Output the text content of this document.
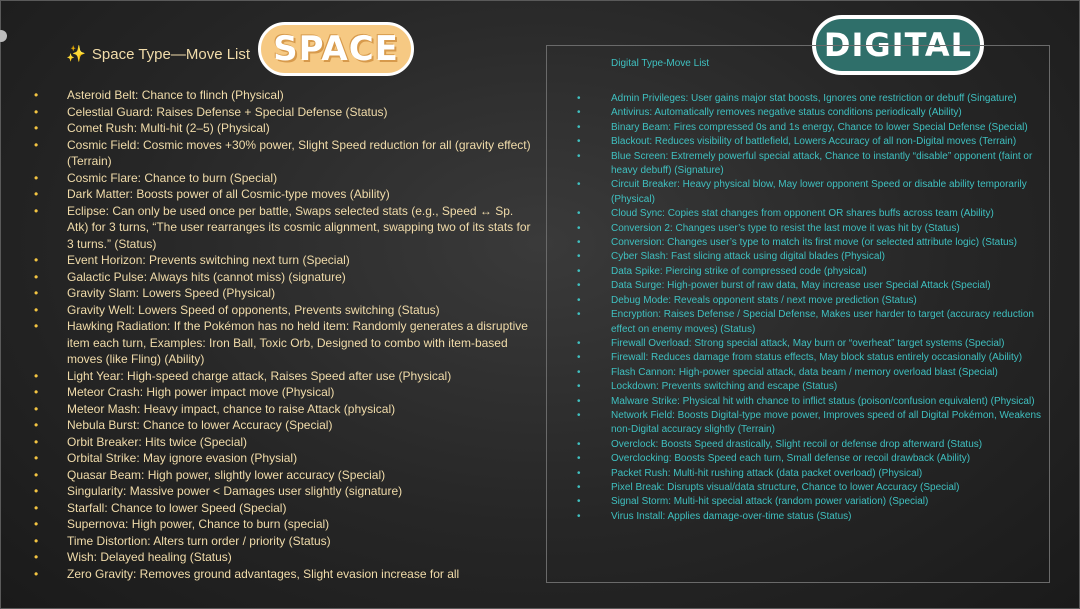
✨ Space Type—Move List SPACE
• Asteroid Belt: Chance to flinch (Physical)
• Celestial Guard: Raises Defense + Special Defense (Status)
• Comet Rush: Multi-hit (2–5) (Physical)
• Cosmic Field: Cosmic moves +30% power, Slight Speed reduction for all (gravity effect) (Terrain)
• Cosmic Flare: Chance to burn (Special)
• Dark Matter: Boosts power of all Cosmic-type moves (Ability)
• Eclipse: Can only be used once per battle, Swaps selected stats (e.g., Speed ↔ Sp. Atk) for 3 turns, “The user rearranges its cosmic alignment, swapping two of its stats for 3 turns.” (Status)
• Event Horizon: Prevents switching next turn (Special)
• Galactic Pulse: Always hits (cannot miss) (signature)
• Gravity Slam: Lowers Speed (Physical)
• Gravity Well: Lowers Speed of opponents, Prevents switching (Status)
• Hawking Radiation: If the Pokémon has no held item: Randomly generates a disruptive item each turn, Examples: Iron Ball, Toxic Orb, Designed to combo with item-based moves (like Fling) (Ability)
• Light Year: High-speed charge attack, Raises Speed after use (Physical)
• Meteor Crash: High power impact move (Physical)
• Meteor Mash: Heavy impact, chance to raise Attack (physical)
• Nebula Burst: Chance to lower Accuracy (Special)
• Orbit Breaker: Hits twice (Special)
• Orbital Strike: May ignore evasion (Physial)
• Quasar Beam: High power, slightly lower accuracy (Special)
• Singularity: Massive power < Damages user slightly (signature)
• Starfall: Chance to lower Speed (Special)
• Supernova: High power, Chance to burn (special)
• Time Distortion: Alters turn order / priority (Status)
• Wish: Delayed healing (Status)
• Zero Gravity: Removes ground advantages, Slight evasion increase for all
DIGITAL
Digital Type-Move List
• Admin Privileges: User gains major stat boosts, Ignores one restriction or debuff (Singature)
• Antivirus: Automatically removes negative status conditions periodically (Ability)
• Binary Beam: Fires compressed 0s and 1s energy, Chance to lower Special Defense (Special)
• Blackout: Reduces visibility of battlefield, Lowers Accuracy of all non-Digital moves (Terrain)
• Blue Screen: Extremely powerful special attack, Chance to instantly “disable” opponent (faint or heavy debuff) (Signature)
• Circuit Breaker: Heavy physical blow, May lower opponent Speed or disable ability temporarily (Physical)
• Cloud Sync: Copies stat changes from opponent OR shares buffs across team (Ability)
• Conversion 2: Changes user’s type to resist the last move it was hit by (Status)
• Conversion: Changes user’s type to match its first move (or selected attribute logic) (Status)
• Cyber Slash: Fast slicing attack using digital blades (Physical)
• Data Spike: Piercing strike of compressed code (physical)
• Data Surge: High-power burst of raw data, May increase user Special Attack (Special)
• Debug Mode: Reveals opponent stats / next move prediction (Status)
• Encryption: Raises Defense / Special Defense, Makes user harder to target (accuracy reduction effect on enemy moves) (Status)
• Firewall Overload: Strong special attack, May burn or “overheat” target systems (Special)
• Firewall: Reduces damage from status effects, May block status entirely occasionally (Ability)
• Flash Cannon: High-power special attack, data beam / memory overload blast (Special)
• Lockdown: Prevents switching and escape (Status)
• Malware Strike: Physical hit with chance to inflict status (poison/confusion equivalent) (Physical)
• Network Field: Boosts Digital-type move power, Improves speed of all Digital Pokémon, Weakens non-Digital accuracy slightly (Terrain)
• Overclock: Boosts Speed drastically, Slight recoil or defense drop afterward (Status)
• Overclocking: Boosts Speed each turn, Small defense or recoil drawback (Ability)
• Packet Rush: Multi-hit rushing attack (data packet overload) (Physical)
• Pixel Break: Disrupts visual/data structure, Chance to lower Accuracy (Special)
• Signal Storm: Multi-hit special attack (random power variation) (Special)
• Virus Install: Applies damage-over-time status (Status)
